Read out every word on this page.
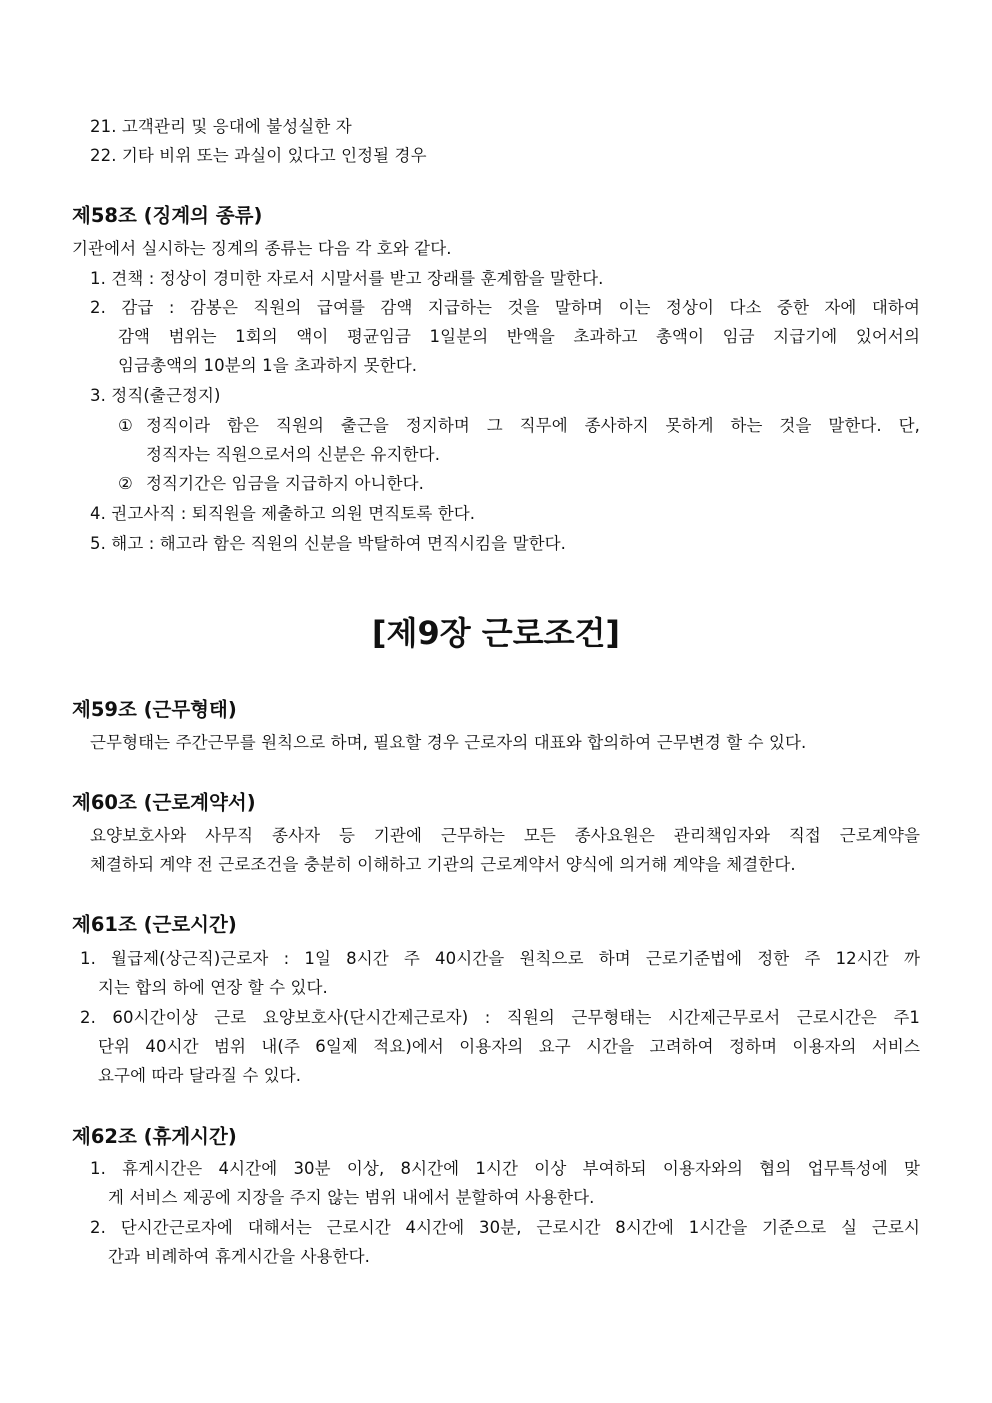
21. 고객관리 및 응대에 불성실한 자

22. 기타 비위 또는 과실이 있다고 인정될 경우

제58조 (징계의 종류)

기관에서 실시하는 징계의 종류는 다음 각 호와 같다.

1. 견책 : 정상이 경미한 자로서 시말서를 받고 장래를 훈계함을 말한다.

2. 감급 : 감봉은 직원의 급여를 감액 지급하는 것을 말하며 이는 정상이 다소 중한 자에 대하여

감액 범위는 1회의 액이 평균임금 1일분의 반액을 초과하고 총액이 임금 지급기에 있어서의

임금총액의 10분의 1을 초과하지 못한다.

3. 정직(출근정지)

① 정직이라 함은 직원의 출근을 정지하며 그 직무에 종사하지 못하게 하는 것을 말한다. 단,

정직자는 직원으로서의 신분은 유지한다.

② 정직기간은 임금을 지급하지 아니한다.

4. 권고사직 : 퇴직원을 제출하고 의원 면직토록 한다.

5. 해고 : 해고라 함은 직원의 신분을 박탈하여 면직시킴을 말한다.

[제9장 근로조건]
제59조 (근무형태)

근무형태는 주간근무를 원칙으로 하며, 필요할 경우 근로자의 대표와 합의하여 근무변경 할 수 있다.

제60조 (근로계약서)

요양보호사와 사무직 종사자 등 기관에 근무하는 모든 종사요원은 관리책임자와 직접 근로계약을

체결하되 계약 전 근로조건을 충분히 이해하고 기관의 근로계약서 양식에 의거해 계약을 체결한다.

제61조 (근로시간)

1. 월급제(상근직)근로자 : 1일 8시간 주 40시간을 원칙으로 하며 근로기준법에 정한 주 12시간 까

지는 합의 하에 연장 할 수 있다.

2. 60시간이상 근로 요양보호사(단시간제근로자) : 직원의 근무형태는 시간제근무로서 근로시간은 주1

단위 40시간 범위 내(주 6일제 적요)에서 이용자의 요구 시간을 고려하여 정하며 이용자의 서비스

요구에 따라 달라질 수 있다.

제62조 (휴게시간)

1. 휴게시간은 4시간에 30분 이상, 8시간에 1시간 이상 부여하되 이용자와의 협의 업무특성에 맞

게 서비스 제공에 지장을 주지 않는 범위 내에서 분할하여 사용한다.

2. 단시간근로자에 대해서는 근로시간 4시간에 30분, 근로시간 8시간에 1시간을 기준으로 실 근로시

간과 비례하여 휴게시간을 사용한다.
